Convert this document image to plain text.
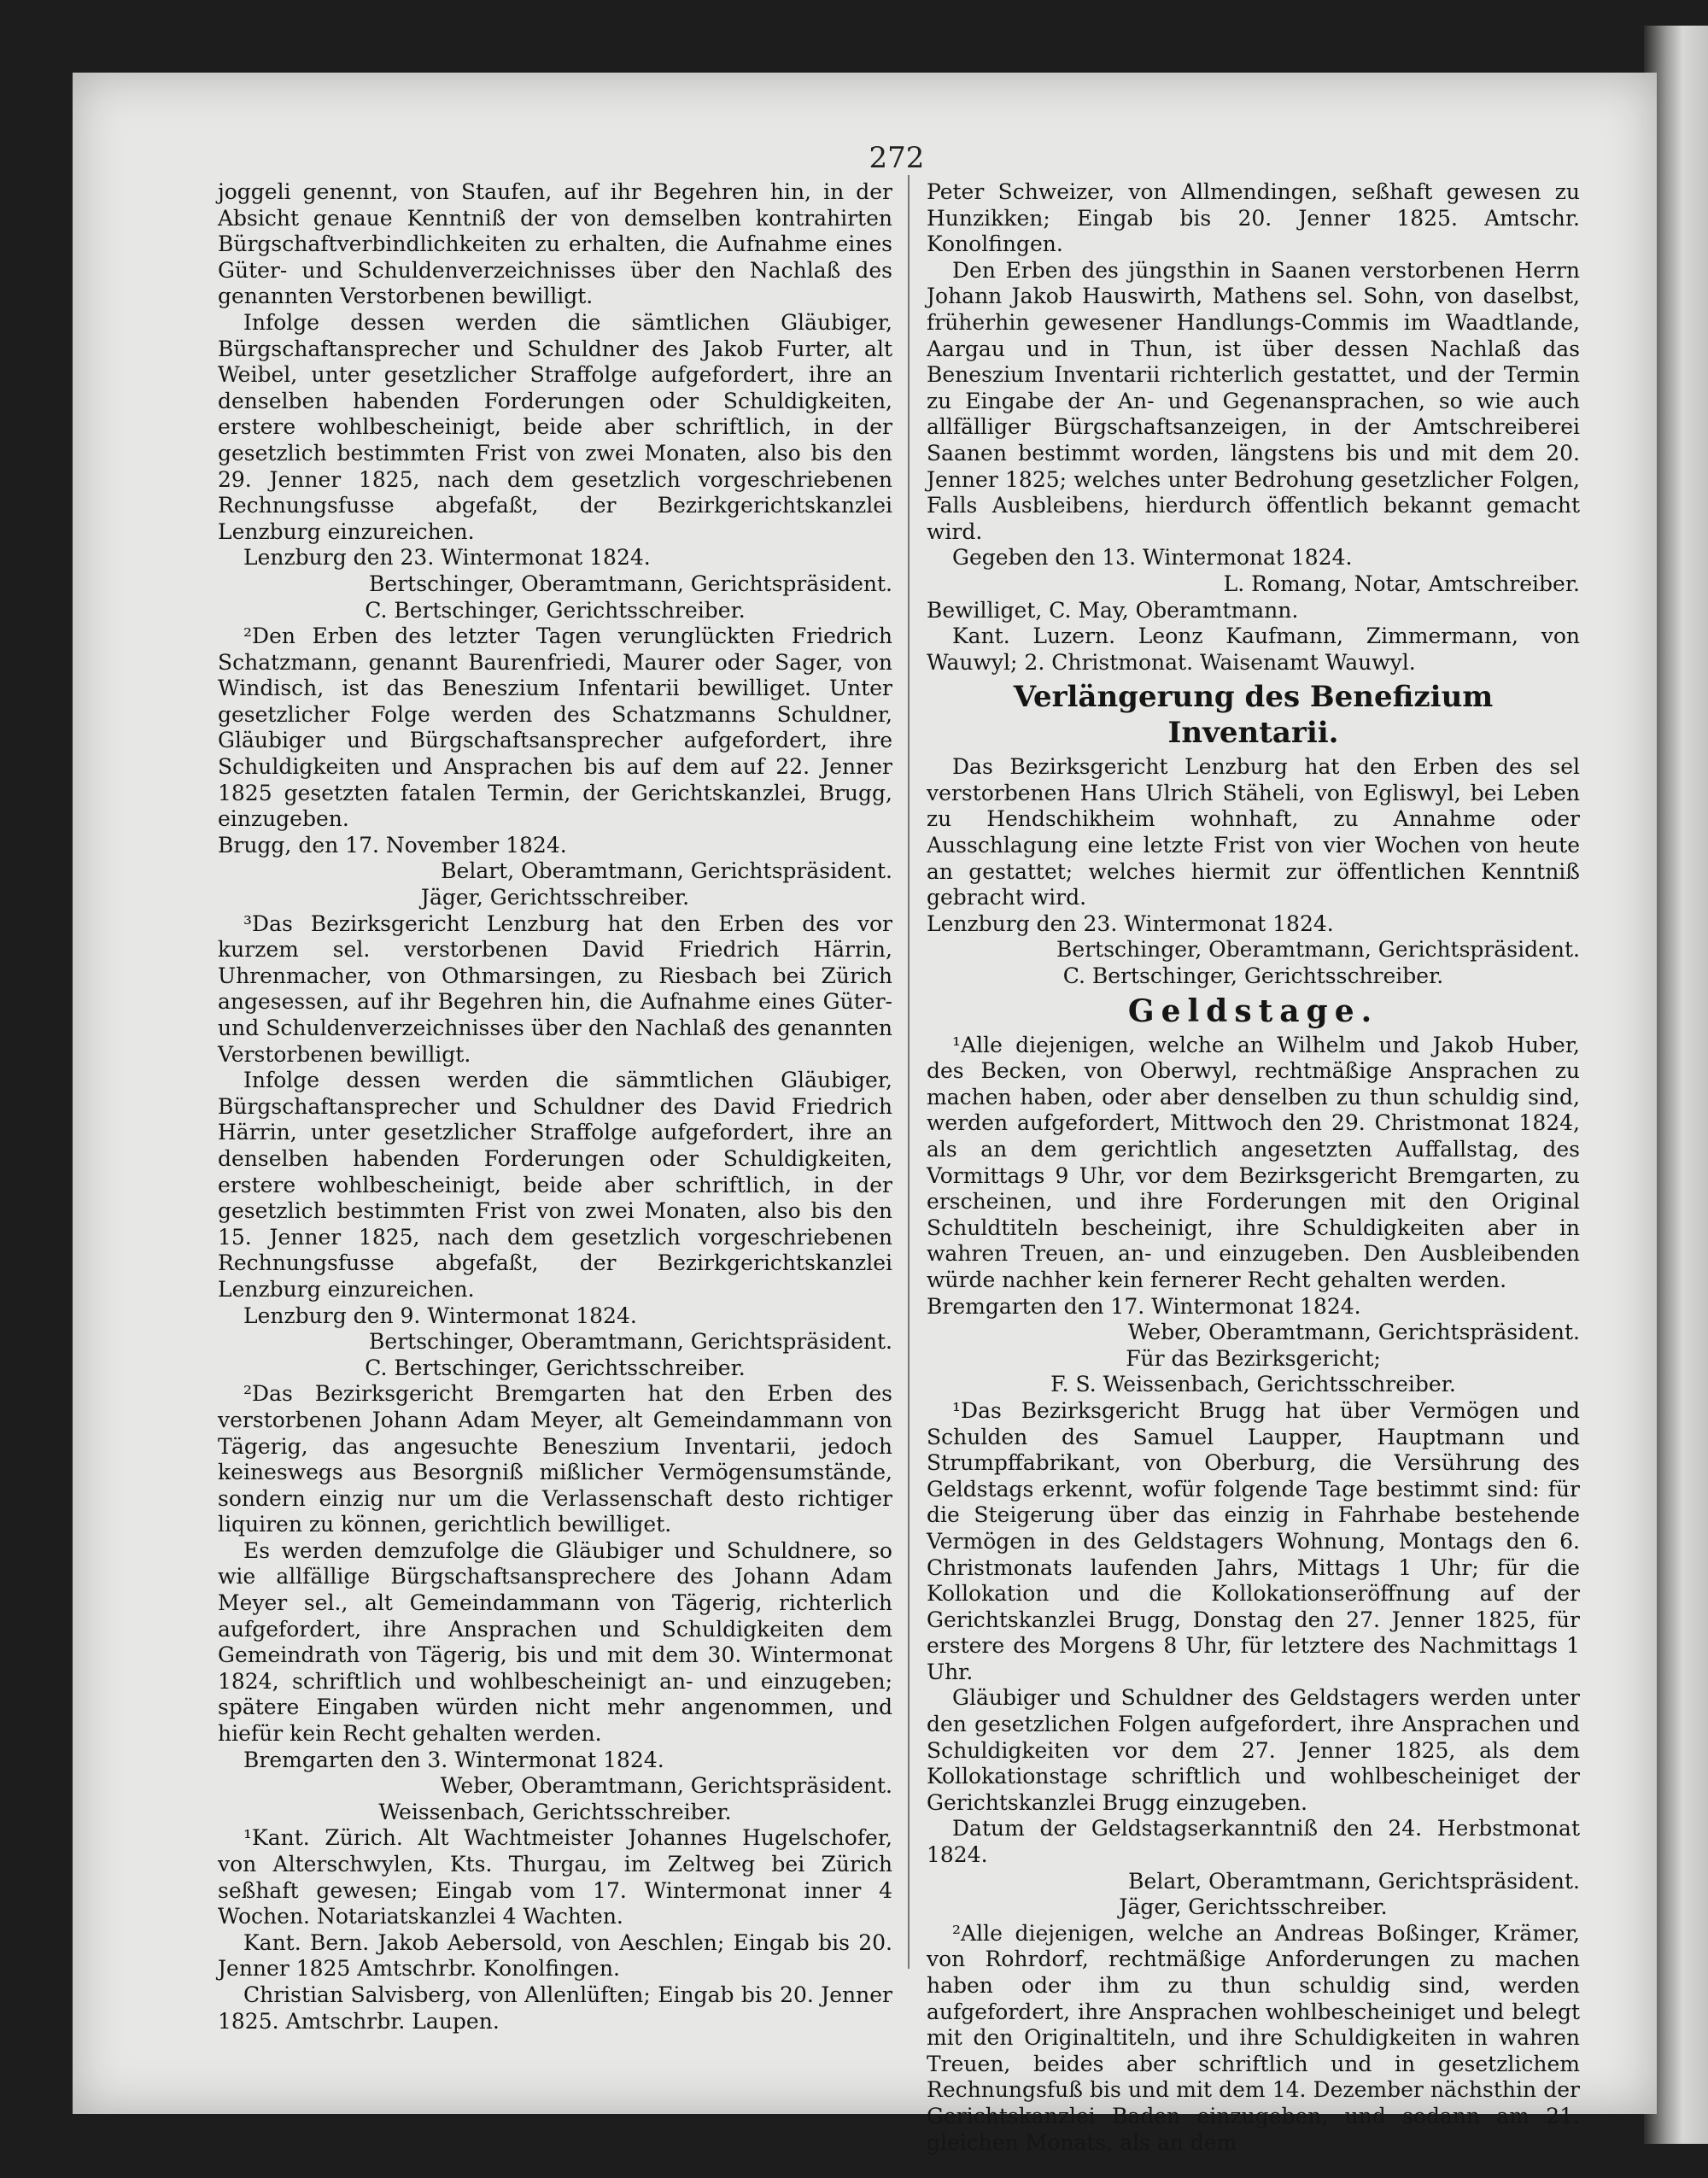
272

joggeli genennt, von Staufen, auf ihr Begehren hin, in der Absicht genaue Kenntniß der von demselben kontrahirten Bürgschaftverbindlichkeiten zu erhalten, die Aufnahme eines Güter- und Schuldenverzeichnisses über den Nachlaß des genannten Verstorbenen bewilligt.

Infolge dessen werden die sämtlichen Gläubiger, Bürgschaftansprecher und Schuldner des Jakob Furter, alt Weibel, unter gesetzlicher Straffolge aufgefordert, ihre an denselben habenden Forderungen oder Schuldigkeiten, erstere wohlbescheinigt, beide aber schriftlich, in der gesetzlich bestimmten Frist von zwei Monaten, also bis den 29. Jenner 1825, nach dem gesetzlich vorgeschriebenen Rechnungsfusse abgefaßt, der Bezirkgerichtskanzlei Lenzburg einzureichen.

Lenzburg den 23. Wintermonat 1824.

Bertschinger, Oberamtmann, Gerichtspräsident.

C. Bertschinger, Gerichtsschreiber.

²Den Erben des letzter Tagen verunglückten Friedrich Schatzmann, genannt Baurenfriedi, Maurer oder Sager, von Windisch, ist das Beneszium Infentarii bewilliget. Unter gesetzlicher Folge werden des Schatzmanns Schuldner, Gläubiger und Bürgschaftsansprecher aufgefordert, ihre Schuldigkeiten und Ansprachen bis auf dem auf 22. Jenner 1825 gesetzten fatalen Termin, der Gerichtskanzlei, Brugg, einzugeben.

Brugg, den 17. November 1824.

Belart, Oberamtmann, Gerichtspräsident.

Jäger, Gerichtsschreiber.

³Das Bezirksgericht Lenzburg hat den Erben des vor kurzem sel. verstorbenen David Friedrich Härrin, Uhrenmacher, von Othmarsingen, zu Riesbach bei Zürich angesessen, auf ihr Begehren hin, die Aufnahme eines Güter- und Schuldenverzeichnisses über den Nachlaß des genannten Verstorbenen bewilligt.

Infolge dessen werden die sämmtlichen Gläubiger, Bürgschaftansprecher und Schuldner des David Friedrich Härrin, unter gesetzlicher Straffolge aufgefordert, ihre an denselben habenden Forderungen oder Schuldigkeiten, erstere wohlbescheinigt, beide aber schriftlich, in der gesetzlich bestimmten Frist von zwei Monaten, also bis den 15. Jenner 1825, nach dem gesetzlich vorgeschriebenen Rechnungsfusse abgefaßt, der Bezirkgerichtskanzlei Lenzburg einzureichen.

Lenzburg den 9. Wintermonat 1824.

Bertschinger, Oberamtmann, Gerichtspräsident.

C. Bertschinger, Gerichtsschreiber.

²Das Bezirksgericht Bremgarten hat den Erben des verstorbenen Johann Adam Meyer, alt Gemeindammann von Tägerig, das angesuchte Beneszium Inventarii, jedoch keineswegs aus Besorgniß mißlicher Vermögensumstände, sondern einzig nur um die Verlassenschaft desto richtiger liquiren zu können, gerichtlich bewilliget.

Es werden demzufolge die Gläubiger und Schuldnere, so wie allfällige Bürgschaftsansprechere des Johann Adam Meyer sel., alt Gemeindammann von Tägerig, richterlich aufgefordert, ihre Ansprachen und Schuldigkeiten dem Gemeindrath von Tägerig, bis und mit dem 30. Wintermonat 1824, schriftlich und wohlbescheinigt an- und einzugeben; spätere Eingaben würden nicht mehr angenommen, und hiefür kein Recht gehalten werden.

Bremgarten den 3. Wintermonat 1824.

Weber, Oberamtmann, Gerichtspräsident.

Weissenbach, Gerichtsschreiber.

¹Kant. Zürich. Alt Wachtmeister Johannes Hugelschofer, von Alterschwylen, Kts. Thurgau, im Zeltweg bei Zürich seßhaft gewesen; Eingab vom 17. Wintermonat inner 4 Wochen. Notariatskanzlei 4 Wachten.

Kant. Bern. Jakob Aebersold, von Aeschlen; Eingab bis 20. Jenner 1825 Amtschrbr. Konolfingen.

Christian Salvisberg, von Allenlüften; Eingab bis 20. Jenner 1825. Amtschrbr. Laupen.

Peter Schweizer, von Allmendingen, seßhaft gewesen zu Hunzikken; Eingab bis 20. Jenner 1825. Amtschr. Konolfingen.

Den Erben des jüngsthin in Saanen verstorbenen Herrn Johann Jakob Hauswirth, Mathens sel. Sohn, von daselbst, früherhin gewesener Handlungs-Commis im Waadtlande, Aargau und in Thun, ist über dessen Nachlaß das Beneszium Inventarii richterlich gestattet, und der Termin zu Eingabe der An- und Gegenansprachen, so wie auch allfälliger Bürgschaftsanzeigen, in der Amtschreiberei Saanen bestimmt worden, längstens bis und mit dem 20. Jenner 1825; welches unter Bedrohung gesetzlicher Folgen, Falls Ausbleibens, hierdurch öffentlich bekannt gemacht wird.

Gegeben den 13. Wintermonat 1824.

L. Romang, Notar, Amtschreiber.

Bewilliget, C. May, Oberamtmann.

Kant. Luzern. Leonz Kaufmann, Zimmermann, von Wauwyl; 2. Christmonat. Waisenamt Wauwyl.

Verlängerung des Benefizium Inventarii.

Das Bezirksgericht Lenzburg hat den Erben des sel verstorbenen Hans Ulrich Stäheli, von Egliswyl, bei Leben zu Hendschikheim wohnhaft, zu Annahme oder Ausschlagung eine letzte Frist von vier Wochen von heute an gestattet; welches hiermit zur öffentlichen Kenntniß gebracht wird.

Lenzburg den 23. Wintermonat 1824.

Bertschinger, Oberamtmann, Gerichtspräsident.

C. Bertschinger, Gerichtsschreiber.

Geldstage.

¹Alle diejenigen, welche an Wilhelm und Jakob Huber, des Becken, von Oberwyl, rechtmäßige Ansprachen zu machen haben, oder aber denselben zu thun schuldig sind, werden aufgefordert, Mittwoch den 29. Christmonat 1824, als an dem gerichtlich angesetzten Auffallstag, des Vormittags 9 Uhr, vor dem Bezirksgericht Bremgarten, zu erscheinen, und ihre Forderungen mit den Original Schuldtiteln bescheinigt, ihre Schuldigkeiten aber in wahren Treuen, an- und einzugeben. Den Ausbleibenden würde nachher kein fernerer Recht gehalten werden.

Bremgarten den 17. Wintermonat 1824.

Weber, Oberamtmann, Gerichtspräsident.

Für das Bezirksgericht;

F. S. Weissenbach, Gerichtsschreiber.

¹Das Bezirksgericht Brugg hat über Vermögen und Schulden des Samuel Laupper, Hauptmann und Strumpffabrikant, von Oberburg, die Versührung des Geldstags erkennt, wofür folgende Tage bestimmt sind: für die Steigerung über das einzig in Fahrhabe bestehende Vermögen in des Geldstagers Wohnung, Montags den 6. Christmonats laufenden Jahrs, Mittags 1 Uhr; für die Kollokation und die Kollokationseröffnung auf der Gerichtskanzlei Brugg, Donstag den 27. Jenner 1825, für erstere des Morgens 8 Uhr, für letztere des Nachmittags 1 Uhr.

Gläubiger und Schuldner des Geldstagers werden unter den gesetzlichen Folgen aufgefordert, ihre Ansprachen und Schuldigkeiten vor dem 27. Jenner 1825, als dem Kollokationstage schriftlich und wohlbescheiniget der Gerichtskanzlei Brugg einzugeben.

Datum der Geldstagserkanntniß den 24. Herbstmonat 1824.

Belart, Oberamtmann, Gerichtspräsident.

Jäger, Gerichtsschreiber.

²Alle diejenigen, welche an Andreas Boßinger, Krämer, von Rohrdorf, rechtmäßige Anforderungen zu machen haben oder ihm zu thun schuldig sind, werden aufgefordert, ihre Ansprachen wohlbescheiniget und belegt mit den Originaltiteln, und ihre Schuldigkeiten in wahren Treuen, beides aber schriftlich und in gesetzlichem Rechnungsfuß bis und mit dem 14. Dezember nächsthin der Gerichtskanzlei Baden einzugeben, und sodann am 21. gleichen Monats, als an dem
